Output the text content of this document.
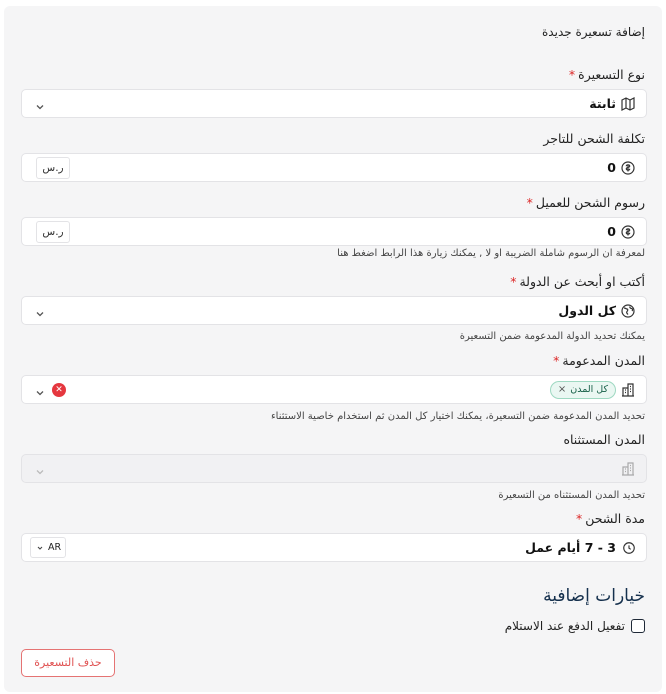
إضافة تسعيرة جديدة
نوع التسعيرة*
ثابتة
تكلفة الشحن للتاجر
0
ر.س
رسوم الشحن للعميل*
0
ر.س
لمعرفة ان الرسوم شاملة الضريبة او لا , يمكنك زيارة هذا الرابط اضغط هنا
أكتب او أبحث عن الدولة*
كل الدول
يمكنك تحديد الدولة المدعومة ضمن التسعيرة
المدن المدعومة*
كل المدن×
✕
تحديد المدن المدعومة ضمن التسعيرة، يمكنك اختيار كل المدن ثم استخدام خاصية الاستثناء
المدن المستثناه
تحديد المدن المستثناه من التسعيرة
مدة الشحن*
3 - 7 أيام عمل
AR
خيارات إضافية
تفعيل الدفع عند الاستلام
حذف التسعيرة
